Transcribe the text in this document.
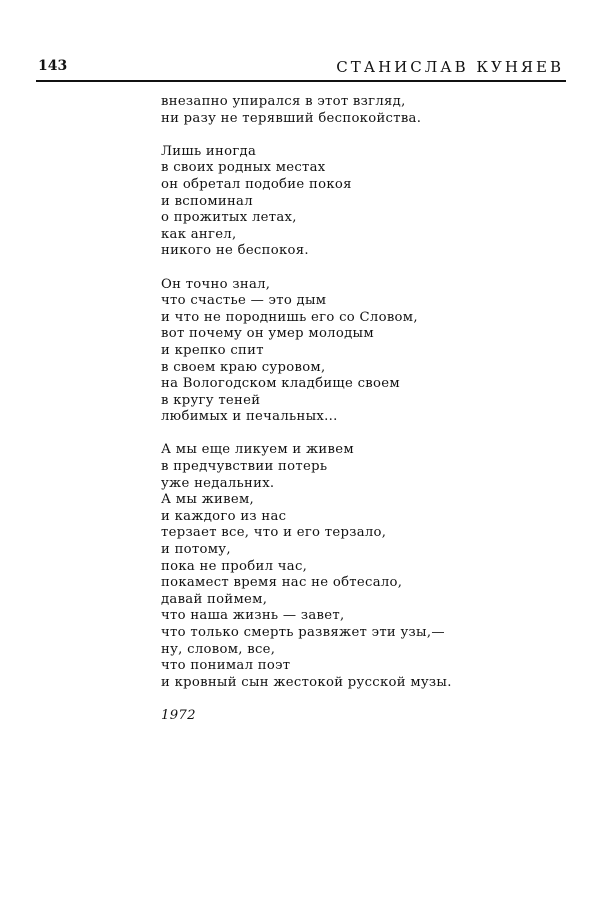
143	СТАНИСЛАВ КУНЯЕВ
внезапно упирался в этот взгляд,
ни разу не терявший беспокойства.
Лишь иногда
в своих родных местах
он обретал подобие покоя
и вспоминал
о прожитых летах,
как ангел,
никого не беспокоя.
Он точно знал,
что счастье — это дым
и что не породнишь его со Словом,
вот почему он умер молодым
и крепко спит
в своем краю суровом,
на Вологодском кладбище своем
в кругу теней
любимых и печальных...
А мы еще ликуем и живем
в предчувствии потерь
уже недальних.
А мы живем,
и каждого из нас
терзает все, что и его терзало,
и потому,
пока не пробил час,
покамест время нас не обтесало,
давай поймем,
что наша жизнь — завет,
что только смерть развяжет эти узы,—
ну, словом, все,
что понимал поэт
и кровный сын жестокой русской музы.
1972
